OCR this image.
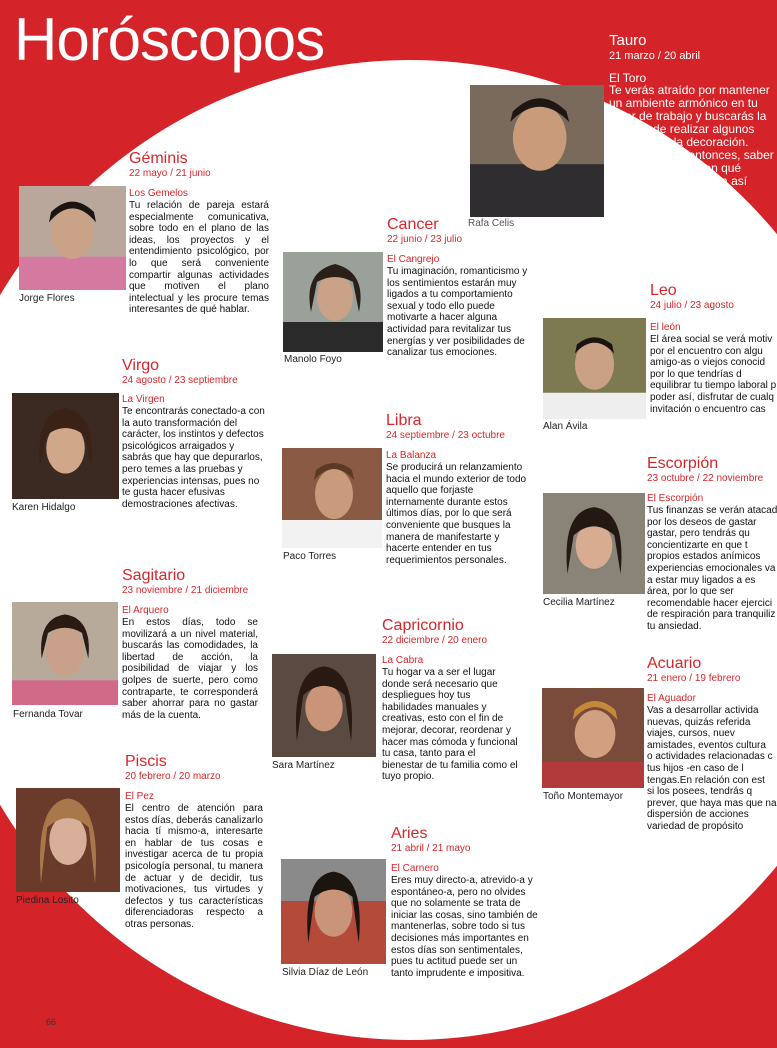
Horóscopos	Tauro
21 marzo / 20 abril
El Toro
Te verás atraído por mantener
un ambiente armónico en tu
lugar de trabajo y buscarás la
manera de realizar algunos
cambios en la decoración.
Será prudente entonces, saber
con anticipación con qué
recursos cuentas para así
evitar excesos o
malentendidos.
Rafa Celis
Géminis
22 mayo / 21 junio
Los Gemelos
Tu relación de pareja estará especialmente comunicativa, sobre todo en el plano de las ideas, los proyectos y el entendimiento psicológico, por lo que será conveniente compartir algunas actividades que motiven el plano intelectual y les procure temas interesantes de qué hablar.
Jorge Flores
Cancer
22 junio / 23 julio
El Cangrejo
Tu imaginación, romanticismo y los sentimientos estarán muy ligados a tu comportamiento sexual y todo ello puede motivarte a hacer alguna actividad para revitalizar tus energías y ver posibilidades de canalizar tus emociones.
Manolo Foyo
Leo
24 julio / 23 agosto
El león
El área social se verá motiv
por el encuentro con algu
amigo-as o viejos conocid
por lo que tendrías d
equilibrar tu tiempo laboral p
poder así, disfrutar de cualq
invitación o encuentro cas
Alan Ávila
Virgo
24 agosto / 23 septiembre
La Virgen
Te encontrarás conectado-a con la auto transformación del carácter, los instintos y defectos psicológicos arraigados y sabrás que hay que depurarlos, pero temes a las pruebas y experiencias intensas, pues no te gusta hacer efusivas demostraciones afectivas.
Karen Hidalgo
Libra
24 septiembre / 23 octubre
La Balanza
Se producirá un relanzamiento hacia el mundo exterior de todo aquello que forjaste internamente durante estos últimos días, por lo que será conveniente que busques la manera de manifestarte y hacerte entender en tus requerimientos personales.
Paco Torres
Escorpión
23 octubre / 22 noviembre
El Escorpión
Tus finanzas se verán atacad
por los deseos de gastar
gastar, pero tendrás qu
concientizarte en que t
propios estados anímicos
experiencias emocionales va
a estar muy ligados a es
área, por lo que ser
recomendable hacer ejercici
de respiración para tranquiliz
tu ansiedad.
Cecilia Martínez
Sagitario
23 noviembre / 21 diciembre
El Arquero
En estos días, todo se movilizará a un nivel material, buscarás las comodidades, la libertad de acción, la posibilidad de viajar y los golpes de suerte, pero como contraparte, te corresponderá saber ahorrar para no gastar más de la cuenta.
Fernanda Tovar
Capricornio
22 diciembre / 20 enero
La Cabra
Tu hogar va a ser el lugar donde será necesario que despliegues hoy tus habilidades manuales y creativas, esto con el fin de mejorar, decorar, reordenar y hacer mas cómoda y funcional tu casa, tanto para el bienestar de tu familia como el tuyo propio.
Sara Martínez
Acuario
21 enero / 19 febrero
El Aguador
Vas a desarrollar activida
nuevas, quizás referida
viajes, cursos, nuev
amistades, eventos cultura
o actividades relacionadas c
tus hijos -en caso de l
tengas.En relación con est
si los posees, tendrás q
prever, que haya mas que na
dispersión de acciones
variedad de propósito
Toño Montemayor
Piscis
20 febrero / 20 marzo
El Pez
El centro de atención para estos días, deberás canalizarlo hacia tí mismo-a, interesarte en hablar de tus cosas e investigar acerca de tu propia psicología personal, tu manera de actuar y de decidir, tus motivaciones, tus virtudes y defectos y tus características diferenciadoras respecto a otras personas.
Piedina Losito
Aries
21 abril / 21 mayo
El Carnero
Eres muy directo-a, atrevido-a y espontáneo-a, pero no olvides que no solamente se trata de iniciar las cosas, sino también de mantenerlas, sobre todo si tus decisiones más importantes en estos días son sentimentales, pues tu actitud puede ser un tanto imprudente e impositiva.
Silvia Díaz de León
66
